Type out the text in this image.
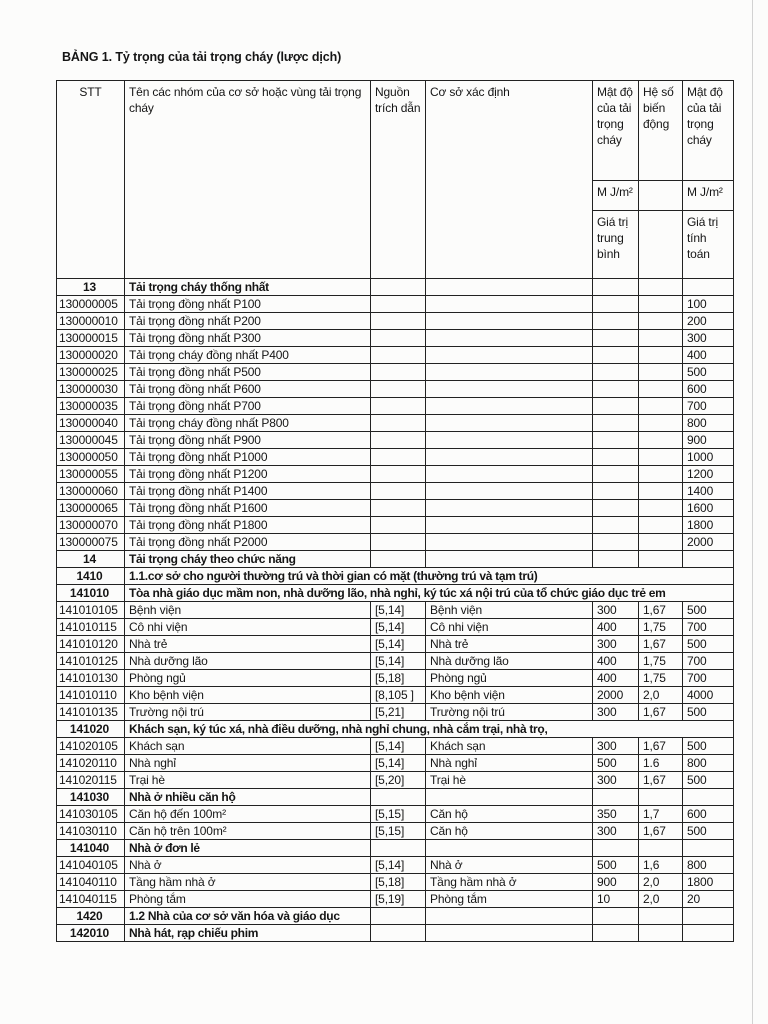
BẢNG 1. Tỷ trọng của tải trọng cháy (lược dịch)
STT	Tên các nhóm của cơ sở hoặc vùng tải trọng cháy	Nguồn trích dẫn	Cơ sở xác định	Mật độ của tải trọng cháy	Hệ số biến động	Mật độ của tải trọng cháy
				M J/m²		M J/m²
				Giá trị trung bình		Giá trị tính toán
13	Tải trọng cháy thống nhất					
130000005	Tải trọng đồng nhất P100					100
130000010	Tải trọng đồng nhất P200					200
130000015	Tải trọng đồng nhất P300					300
130000020	Tải trọng cháy đồng nhất P400					400
130000025	Tải trọng đồng nhất P500					500
130000030	Tải trọng đồng nhất P600					600
130000035	Tải trọng đồng nhất P700					700
130000040	Tải trọng cháy đồng nhất P800					800
130000045	Tải trọng đồng nhất P900					900
130000050	Tải trọng đồng nhất P1000					1000
130000055	Tải trọng đồng nhất P1200					1200
130000060	Tải trọng đồng nhất P1400					1400
130000065	Tải trọng đồng nhất P1600					1600
130000070	Tải trọng đồng nhất P1800					1800
130000075	Tải trọng đồng nhất P2000					2000
14	Tải trọng cháy theo chức năng					
1410	1.1.cơ sở cho người thường trú và thời gian có mặt (thường trú và tạm trú)					
141010	Tòa nhà giáo dục mầm non, nhà dưỡng lão, nhà nghỉ, ký túc xá nội trú của tổ chức giáo dục trẻ em					
141010105	Bệnh viện	[5,14]	Bệnh viện	300	1,67	500
141010115	Cô nhi viện	[5,14]	Cô nhi viện	400	1,75	700
141010120	Nhà trẻ	[5,14]	Nhà trẻ	300	1,67	500
141010125	Nhà dưỡng lão	[5,14]	Nhà dưỡng lão	400	1,75	700
141010130	Phòng ngủ	[5,18]	Phòng ngủ	400	1,75	700
141010110	Kho bệnh viện	[8,105 ]	Kho bệnh viện	2000	2,0	4000
141010135	Trường nội trú	[5,21]	Trường nội trú	300	1,67	500
141020	Khách sạn, ký túc xá, nhà điều dưỡng, nhà nghỉ chung, nhà cắm trại, nhà trọ,					
141020105	Khách sạn	[5,14]	Khách sạn	300	1,67	500
141020110	Nhà nghỉ	[5,14]	Nhà nghỉ	500	1.6	800
141020115	Trại hè	[5,20]	Trại hè	300	1,67	500
141030	Nhà ở nhiều căn hộ					
141030105	Căn hộ đến 100m²	[5,15]	Căn hộ	350	1,7	600
141030110	Căn hộ trên 100m²	[5,15]	Căn hộ	300	1,67	500
141040	Nhà ở đơn lẻ					
141040105	Nhà ở	[5,14]	Nhà ở	500	1,6	800
141040110	Tầng hầm nhà ở	[5,18]	Tầng hầm nhà ở	900	2,0	1800
141040115	Phòng tắm	[5,19]	Phòng tắm	10	2,0	20
1420	1.2 Nhà của cơ sở văn hóa và giáo dục					
142010	Nhà hát, rạp chiếu phim					
